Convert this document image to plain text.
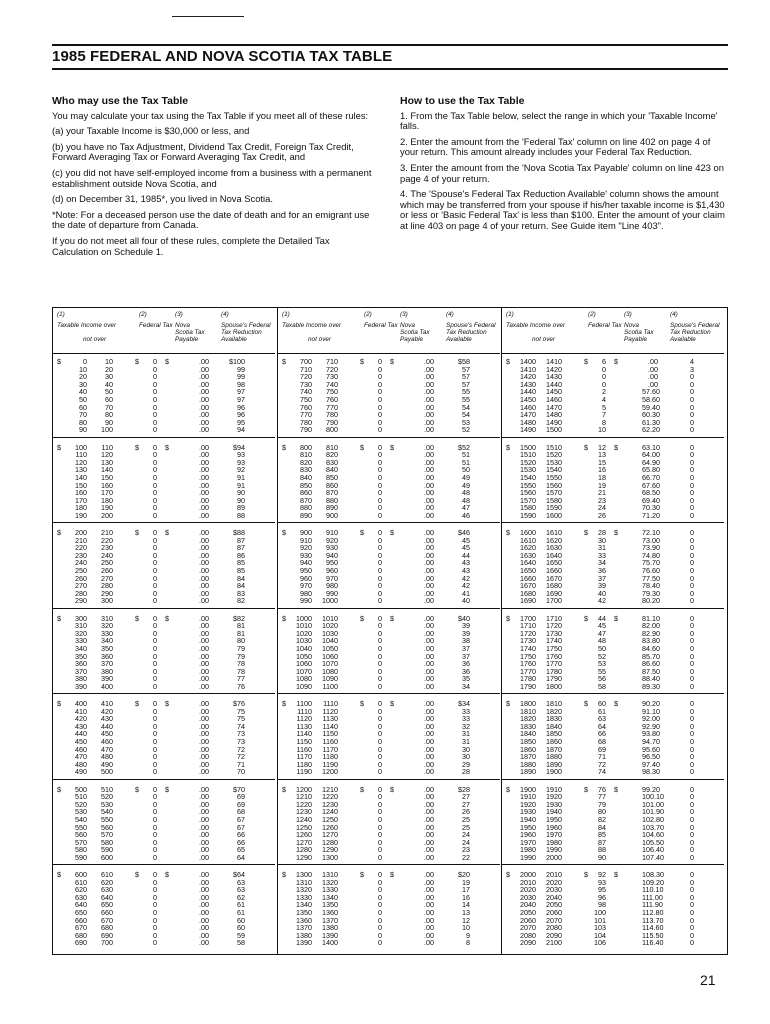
1985 FEDERAL AND NOVA SCOTIA TAX TABLE
Who may use the Tax Table

You may calculate your tax using the Tax Table if you meet all of these rules:

(a) your Taxable Income is $30,000 or less, and

(b) you have no Tax Adjustment, Dividend Tax Credit, Foreign Tax Credit, Forward Averaging Tax or Forward Averaging Tax Credit, and

(c) you did not have self-employed income from a business with a permanent establishment outside Nova Scotia, and

(d) on December 31, 1985*, you lived in Nova Scotia.

*Note: For a deceased person use the date of death and for an emigrant use the date of departure from Canada.

If you do not meet all four of these rules, complete the Detailed Tax Calculation on Schedule 1.

How to use the Tax Table

1. From the Tax Table below, select the range in which your 'Taxable Income' falls.

2. Enter the amount from the 'Federal Tax' column on line 402 on page 4 of your return. This amount already includes your Federal Tax Reduction.

3. Enter the amount from the 'Nova Scotia Tax Payable' column on line 423 on page 4 of your return.

4. The 'Spouse's Federal Tax Reduction Available' column shows the amount which may be transferred from your spouse if his/her taxable income is $1,430 or less or 'Basic Federal Tax' is less than $100. Enter the amount of your claim at line 403 on page 4 of your return. See Guide item "Line 403".

(1)
Taxable Income over
(2)
Federal Tax
(3)
Nova Scotia Tax Payable
(4)
Spouse's Federal Tax Reduction Available
not over
$	$	$
0	10	0	.00	$100
10	20	0	.00	99
20	30	0	.00	99
30	40	0	.00	98
40	50	0	.00	97
50	60	0	.00	97
60	70	0	.00	96
70	80	0	.00	96
80	90	0	.00	95
90	100	0	.00	94
$	$	$
100	110	0	.00	$94
110	120	0	.00	93
120	130	0	.00	93
130	140	0	.00	92
140	150	0	.00	91
150	160	0	.00	91
160	170	0	.00	90
170	180	0	.00	90
180	190	0	.00	89
190	200	0	.00	88
$	$	$
200	210	0	.00	$88
210	220	0	.00	87
220	230	0	.00	87
230	240	0	.00	86
240	250	0	.00	85
250	260	0	.00	85
260	270	0	.00	84
270	280	0	.00	84
280	290	0	.00	83
290	300	0	.00	82
$	$	$
300	310	0	.00	$82
310	320	0	.00	81
320	330	0	.00	81
330	340	0	.00	80
340	350	0	.00	79
350	360	0	.00	79
360	370	0	.00	78
370	380	0	.00	78
380	390	0	.00	77
390	400	0	.00	76
$	$	$
400	410	0	.00	$76
410	420	0	.00	75
420	430	0	.00	75
430	440	0	.00	74
440	450	0	.00	73
450	460	0	.00	73
460	470	0	.00	72
470	480	0	.00	72
480	490	0	.00	71
490	500	0	.00	70
$	$	$
500	510	0	.00	$70
510	520	0	.00	69
520	530	0	.00	69
530	540	0	.00	68
540	550	0	.00	67
550	560	0	.00	67
560	570	0	.00	66
570	580	0	.00	66
580	590	0	.00	65
590	600	0	.00	64
$	$	$
600	610	0	.00	$64
610	620	0	.00	63
620	630	0	.00	63
630	640	0	.00	62
640	650	0	.00	61
650	660	0	.00	61
660	670	0	.00	60
670	680	0	.00	60
680	690	0	.00	59
690	700	0	.00	58
(1)
Taxable Income over
(2)
Federal Tax
(3)
Nova Scotia Tax Payable
(4)
Spouse's Federal Tax Reduction Available
not over
$	$	$
700	710	0	.00	$58
710	720	0	.00	57
720	730	0	.00	57
730	740	0	.00	57
740	750	0	.00	55
750	760	0	.00	55
760	770	0	.00	54
770	780	0	.00	54
780	790	0	.00	53
790	800	0	.00	52
$	$	$
800	810	0	.00	$52
810	820	0	.00	51
820	830	0	.00	51
830	840	0	.00	50
840	850	0	.00	49
850	860	0	.00	49
860	870	0	.00	48
870	880	0	.00	48
880	890	0	.00	47
890	900	0	.00	46
$	$	$
900	910	0	.00	$46
910	920	0	.00	45
920	930	0	.00	45
930	940	0	.00	44
940	950	0	.00	43
950	960	0	.00	43
960	970	0	.00	42
970	980	0	.00	42
980	990	0	.00	41
990	1000	0	.00	40
$	$	$
1000	1010	0	.00	$40
1010	1020	0	.00	39
1020	1030	0	.00	39
1030	1040	0	.00	38
1040	1050	0	.00	37
1050	1060	0	.00	37
1060	1070	0	.00	36
1070	1080	0	.00	36
1080	1090	0	.00	35
1090	1100	0	.00	34
$	$	$
1100	1110	0	.00	$34
1110	1120	0	.00	33
1120	1130	0	.00	33
1130	1140	0	.00	32
1140	1150	0	.00	31
1150	1160	0	.00	31
1160	1170	0	.00	30
1170	1180	0	.00	30
1180	1190	0	.00	29
1190	1200	0	.00	28
$	$	$
1200	1210	0	.00	$28
1210	1220	0	.00	27
1220	1230	0	.00	27
1230	1240	0	.00	26
1240	1250	0	.00	25
1250	1260	0	.00	25
1260	1270	0	.00	24
1270	1280	0	.00	24
1280	1290	0	.00	23
1290	1300	0	.00	22
$	$	$
1300	1310	0	.00	$20
1310	1320	0	.00	19
1320	1330	0	.00	17
1330	1340	0	.00	16
1340	1350	0	.00	14
1350	1360	0	.00	13
1360	1370	0	.00	12
1370	1380	0	.00	10
1380	1390	0	.00	9
1390	1400	0	.00	8
(1)
Taxable Income over
(2)
Federal Tax
(3)
Nova Scotia Tax Payable
(4)
Spouse's Federal Tax Reduction Available
not over
$	$	$
1400	1410	6	.00	4
1410	1420	0	.00	3
1420	1430	0	.00	0
1430	1440	0	.00	0
1440	1450	2	57.60	0
1450	1460	4	58.60	0
1460	1470	5	59.40	0
1470	1480	7	60.30	0
1480	1490	8	61.30	0
1490	1500	10	62.20	0
$	$	$
1500	1510	12	63.10	0
1510	1520	13	64.00	0
1520	1530	15	64.90	0
1530	1540	16	65.80	0
1540	1550	18	66.70	0
1550	1560	19	67.60	0
1560	1570	21	68.50	0
1570	1580	23	69.40	0
1580	1590	24	70.30	0
1590	1600	26	71.20	0
$	$	$
1600	1610	28	72.10	0
1610	1620	30	73.00	0
1620	1630	31	73.90	0
1630	1640	33	74.80	0
1640	1650	34	75.70	0
1650	1660	36	76.60	0
1660	1670	37	77.50	0
1670	1680	39	78.40	0
1680	1690	40	79.30	0
1690	1700	42	80.20	0
$	$	$
1700	1710	44	81.10	0
1710	1720	45	82.00	0
1720	1730	47	82.90	0
1730	1740	48	83.80	0
1740	1750	50	84.60	0
1750	1760	52	85.70	0
1760	1770	53	86.60	0
1770	1780	55	87.50	0
1780	1790	56	88.40	0
1790	1800	58	89.30	0
$	$	$
1800	1810	60	90.20	0
1810	1820	61	91.10	0
1820	1830	63	92.00	0
1830	1840	64	92.90	0
1840	1850	66	93.80	0
1850	1860	68	94.70	0
1860	1870	69	95.60	0
1870	1880	71	96.50	0
1880	1890	72	97.40	0
1890	1900	74	98.30	0
$	$	$
1900	1910	76	99.20	0
1910	1920	77	100.10	0
1920	1930	79	101.00	0
1930	1940	80	101.90	0
1940	1950	82	102.80	0
1950	1960	84	103.70	0
1960	1970	85	104.60	0
1970	1980	87	105.50	0
1980	1990	88	106.40	0
1990	2000	90	107.40	0
$	$	$
2000	2010	92	108.30	0
2010	2020	93	109.20	0
2020	2030	95	110.10	0
2030	2040	96	111.00	0
2040	2050	98	111.90	0
2050	2060	100	112.80	0
2060	2070	101	113.70	0
2070	2080	103	114.60	0
2080	2090	104	115.50	0
2090	2100	106	116.40	0
21
